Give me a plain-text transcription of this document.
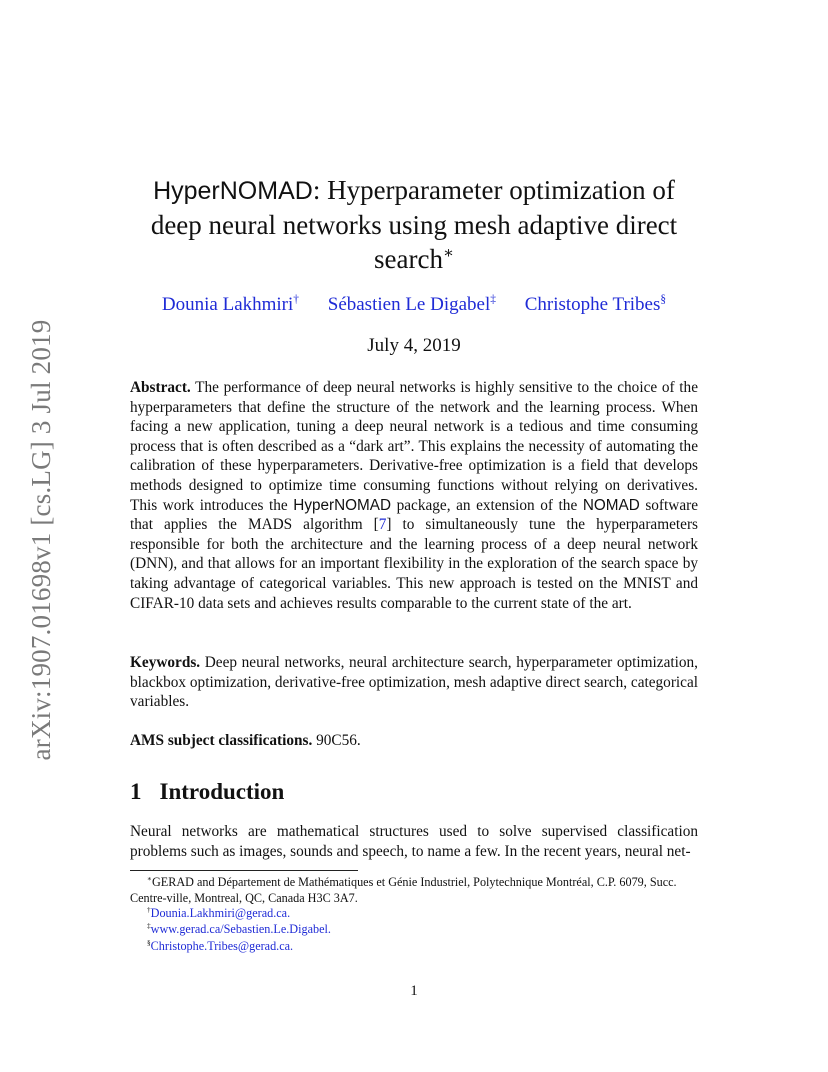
arXiv:1907.01698v1 [cs.LG] 3 Jul 2019
HyperNOMAD: Hyperparameter optimization of
deep neural networks using mesh adaptive direct
search∗
Dounia Lakhmiri† Sébastien Le Digabel‡ Christophe Tribes§
July 4, 2019
Abstract. The performance of deep neural networks is highly sensitive to the choice of the hyperparameters that define the structure of the network and the learning process. When facing a new application, tuning a deep neural network is a tedious and time consuming process that is often described as a “dark art”. This explains the necessity of automating the calibration of these hyperparameters. Derivative-free optimization is a field that develops methods designed to optimize time consuming functions without relying on derivatives. This work introduces the HyperNOMAD package, an extension of the NOMAD software that applies the MADS algorithm [7] to simultaneously tune the hyperparameters responsible for both the architecture and the learning process of a deep neural network (DNN), and that allows for an important flexibility in the exploration of the search space by taking advantage of categorical variables. This new approach is tested on the MNIST and CIFAR-10 data sets and achieves results comparable to the current state of the art.
Keywords. Deep neural networks, neural architecture search, hyperparameter optimization, blackbox optimization, derivative-free optimization, mesh adaptive direct search, categorical variables.
AMS subject classifications. 90C56.
1 Introduction
Neural networks are mathematical structures used to solve supervised classification problems such as images, sounds and speech, to name a few. In the recent years, neural net-
∗GERAD and Département de Mathématiques et Génie Industriel, Polytechnique Montréal, C.P. 6079, Succ. Centre-ville, Montreal, QC, Canada H3C 3A7.
†Dounia.Lakhmiri@gerad.ca.
‡www.gerad.ca/Sebastien.Le.Digabel.
§Christophe.Tribes@gerad.ca.
1
